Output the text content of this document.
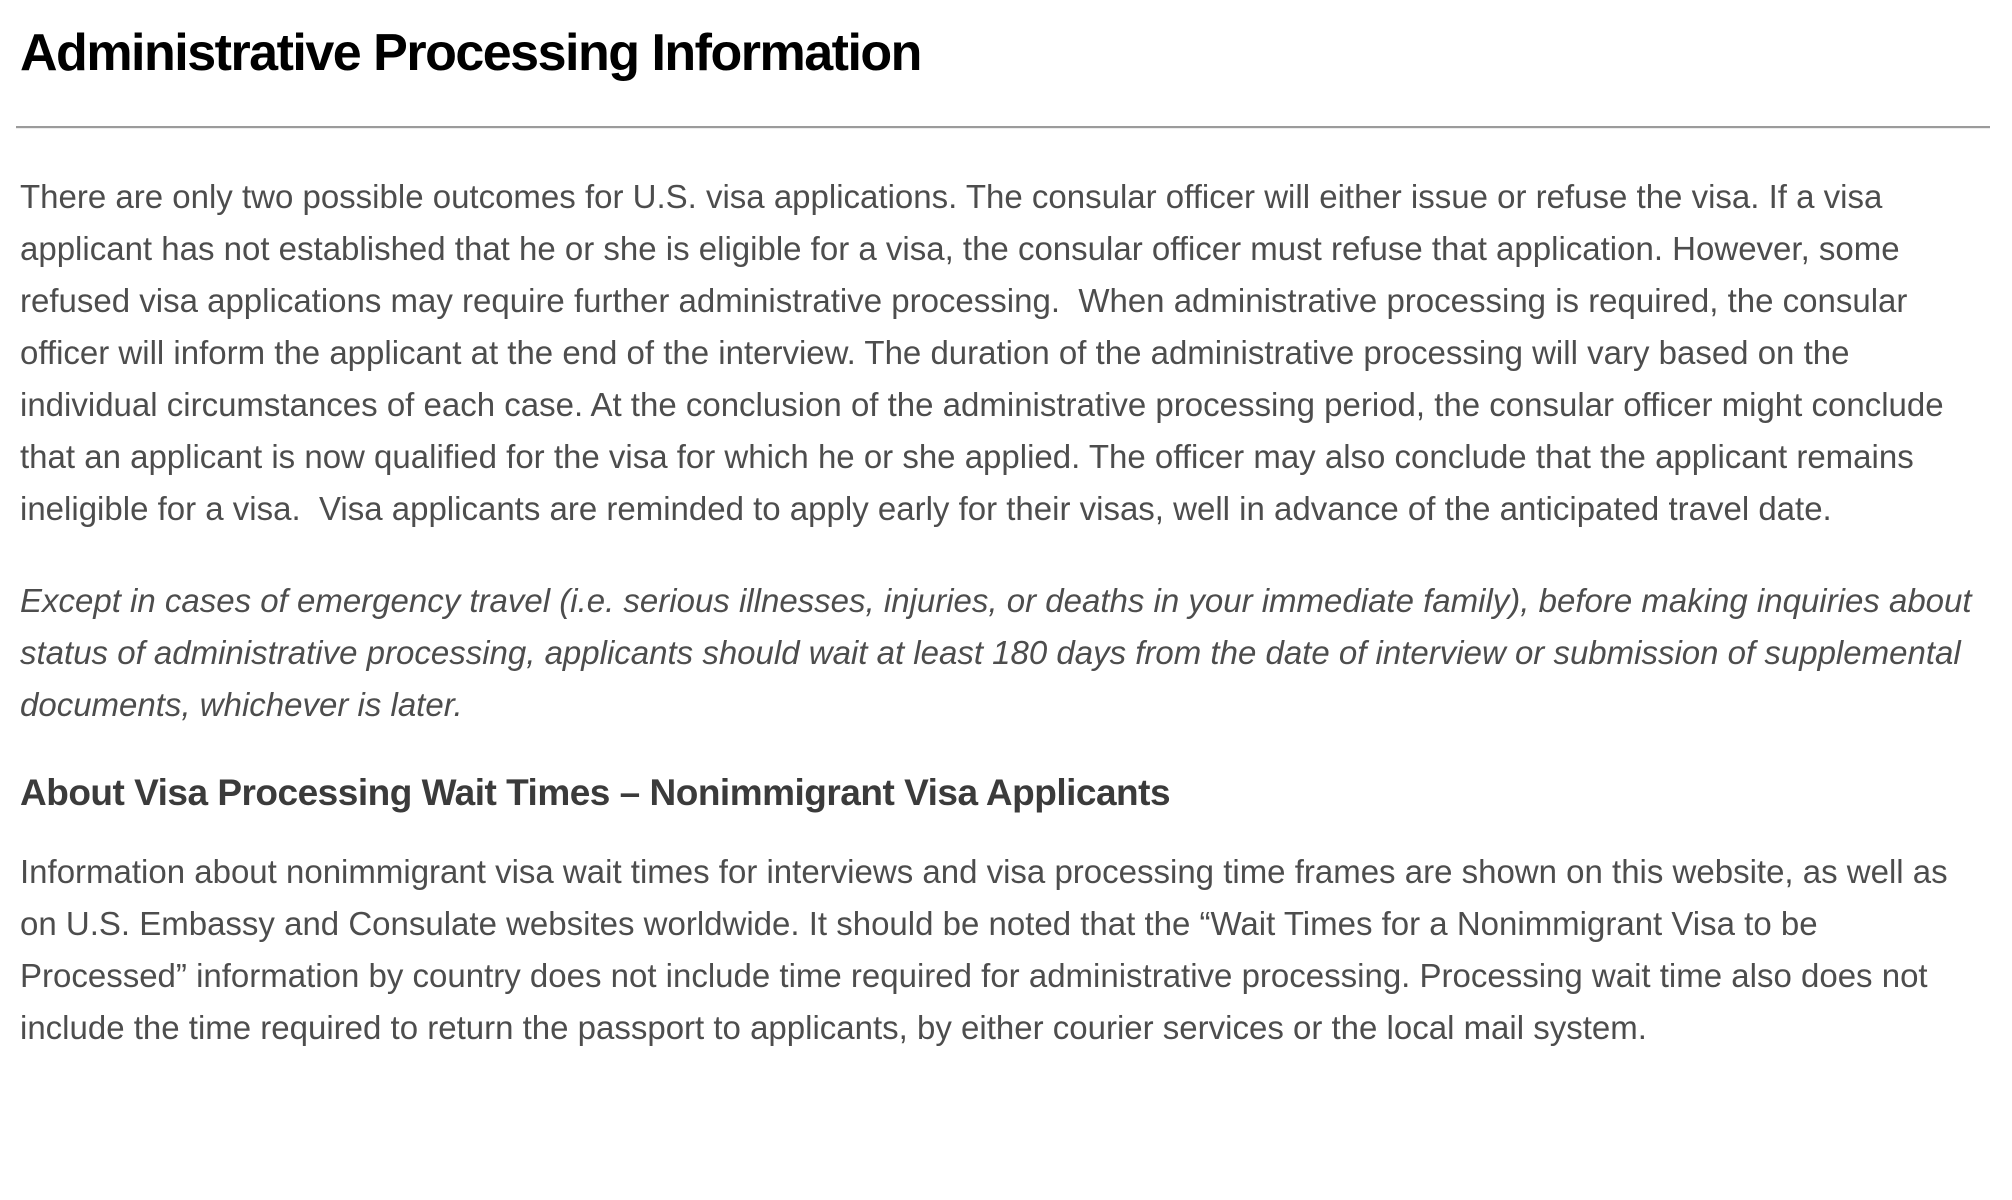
Administrative Processing Information

There are only two possible outcomes for U.S. visa applications. The consular officer will either issue or refuse the visa. If a visa applicant has not established that he or she is eligible for a visa, the consular officer must refuse that application. However, some refused visa applications may require further administrative processing.  When administrative processing is required, the consular officer will inform the applicant at the end of the interview. The duration of the administrative processing will vary based on the individual circumstances of each case. At the conclusion of the administrative processing period, the consular officer might conclude that an applicant is now qualified for the visa for which he or she applied. The officer may also conclude that the applicant remains ineligible for a visa.  Visa applicants are reminded to apply early for their visas, well in advance of the anticipated travel date.

Except in cases of emergency travel (i.e. serious illnesses, injuries, or deaths in your immediate family), before making inquiries about status of administrative processing, applicants should wait at least 180 days from the date of interview or submission of supplemental documents, whichever is later.

About Visa Processing Wait Times – Nonimmigrant Visa Applicants

Information about nonimmigrant visa wait times for interviews and visa processing time frames are shown on this website, as well as on U.S. Embassy and Consulate websites worldwide. It should be noted that the “Wait Times for a Nonimmigrant Visa to be Processed” information by country does not include time required for administrative processing. Processing wait time also does not include the time required to return the passport to applicants, by either courier services or the local mail system.
